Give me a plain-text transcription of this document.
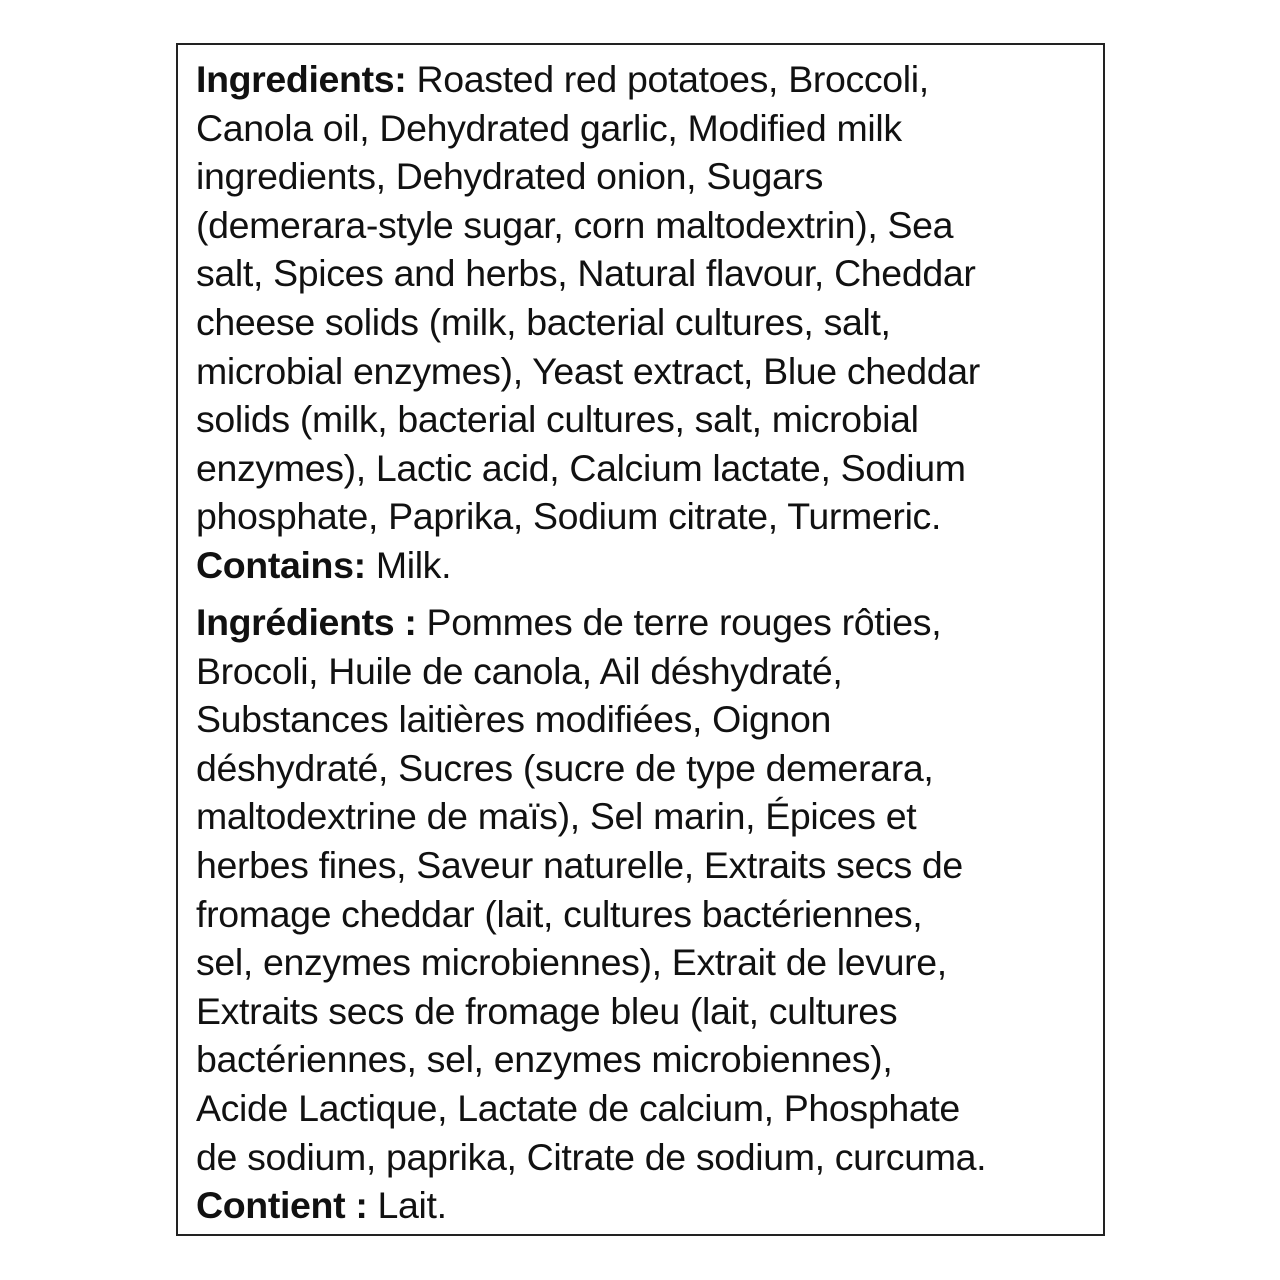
Ingredients: Roasted red potatoes, Broccoli,
Canola oil, Dehydrated garlic, Modified milk
ingredients, Dehydrated onion, Sugars
(demerara-style sugar, corn maltodextrin), Sea
salt, Spices and herbs, Natural flavour, Cheddar
cheese solids (milk, bacterial cultures, salt,
microbial enzymes), Yeast extract, Blue cheddar
solids (milk, bacterial cultures, salt, microbial
enzymes), Lactic acid, Calcium lactate, Sodium
phosphate, Paprika, Sodium citrate, Turmeric.
Contains: Milk.
Ingrédients : Pommes de terre rouges rôties,
Brocoli, Huile de canola, Ail déshydraté,
Substances laitières modifiées, Oignon
déshydraté, Sucres (sucre de type demerara,
maltodextrine de maïs), Sel marin, Épices et
herbes fines, Saveur naturelle, Extraits secs de
fromage cheddar (lait, cultures bactériennes,
sel, enzymes microbiennes), Extrait de levure,
Extraits secs de fromage bleu (lait, cultures
bactériennes, sel, enzymes microbiennes),
Acide Lactique, Lactate de calcium, Phosphate
de sodium, paprika, Citrate de sodium, curcuma.
Contient : Lait.
